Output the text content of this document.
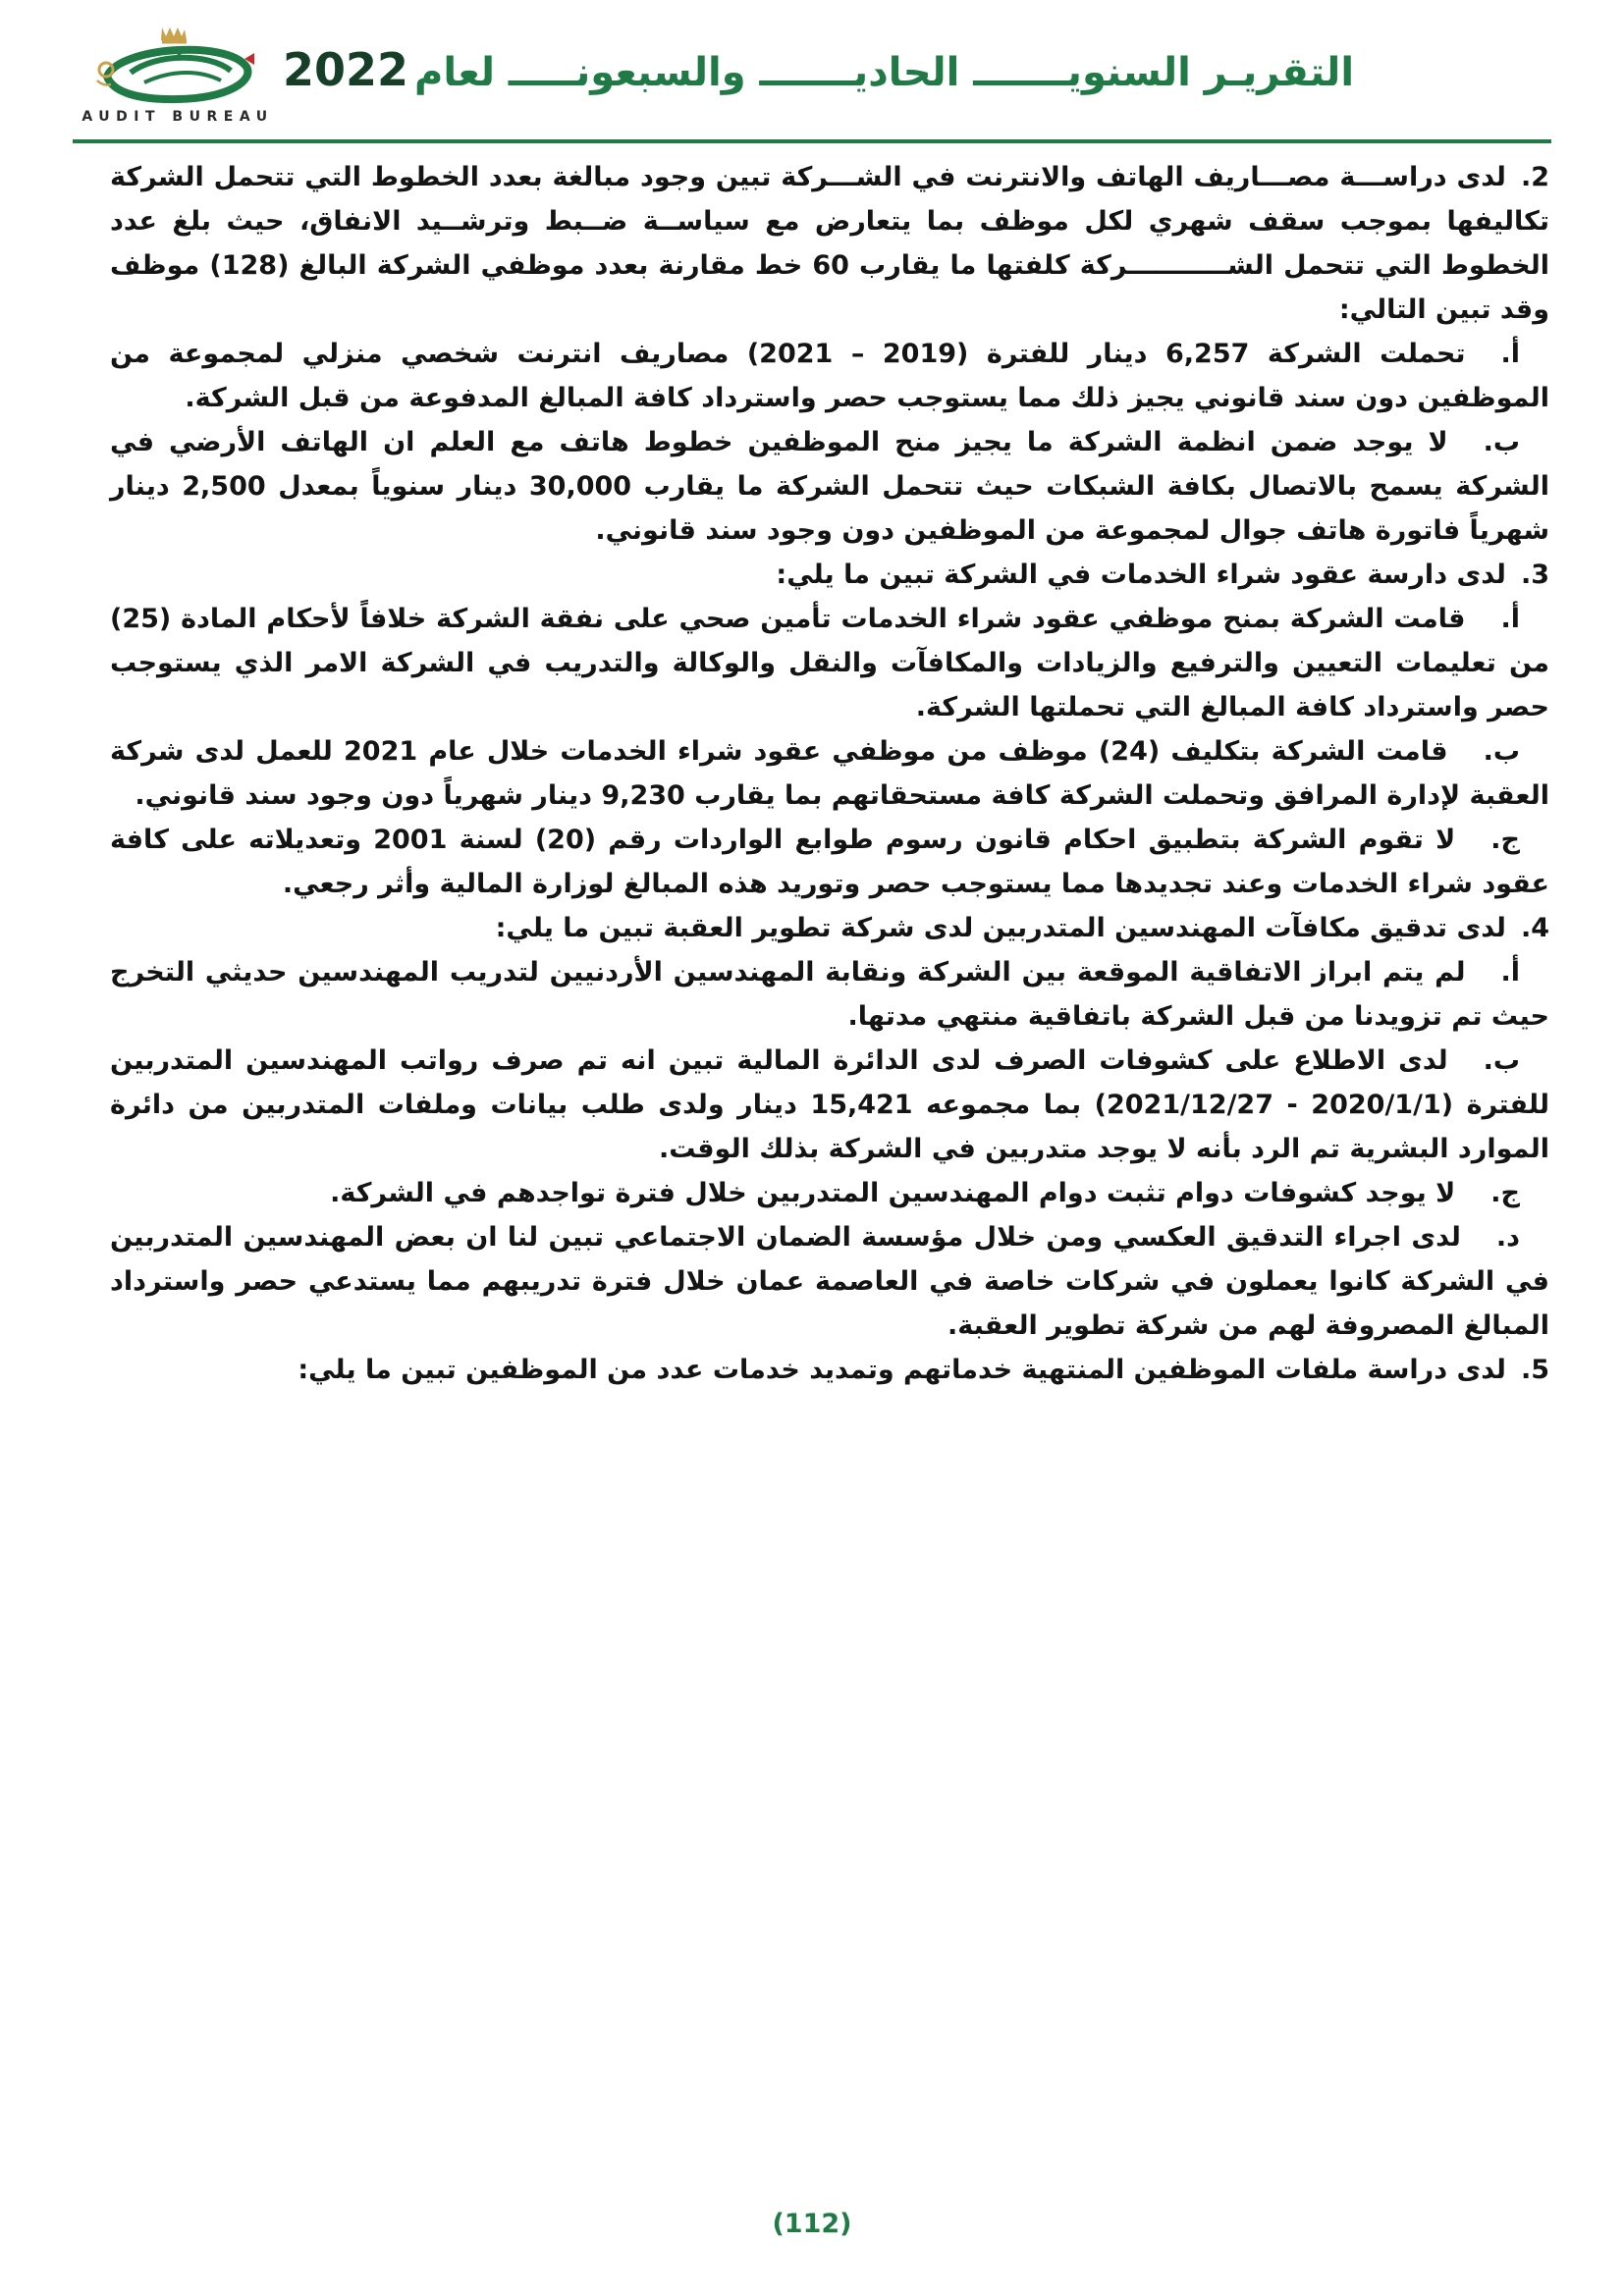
AUDIT BUREAU
التقريـر السنويـــــــ الحاديـــــــ والسبعونـــــ لعام2022
2.لدى دراســـة مصـــاريف الهاتف والانترنت في الشـــركة تبين وجود مبالغة بعدد الخطوط التي تتحمل الشركة تكاليفها بموجب سقف شهري لكل موظف بما يتعارض مع سياســة ضــبط وترشــيد الانفاق، حيث بلغ عدد الخطوط التي تتحمل الشـــــــــــركة كلفتها ما يقارب 60 خط مقارنة بعدد موظفي الشركة البالغ (128) موظف وقد تبين التالي:
أ.تحملت الشركة 6,257 دينار للفترة (2019 – 2021) مصاريف انترنت شخصي منزلي لمجموعة من الموظفين دون سند قانوني يجيز ذلك مما يستوجب حصر واسترداد كافة المبالغ المدفوعة من قبل الشركة.
ب.لا يوجد ضمن انظمة الشركة ما يجيز منح الموظفين خطوط هاتف مع العلم ان الهاتف الأرضي في الشركة يسمح بالاتصال بكافة الشبكات حيث تتحمل الشركة ما يقارب 30,000 دينار سنوياً بمعدل 2,500 دينار شهرياً فاتورة هاتف جوال لمجموعة من الموظفين دون وجود سند قانوني.
3.لدى دارسة عقود شراء الخدمات في الشركة تبين ما يلي:
أ.قامت الشركة بمنح موظفي عقود شراء الخدمات تأمين صحي على نفقة الشركة خلافاً لأحكام المادة (25) من تعليمات التعيين والترفيع والزيادات والمكافآت والنقل والوكالة والتدريب في الشركة الامر الذي يستوجب حصر واسترداد كافة المبالغ التي تحملتها الشركة.
ب.قامت الشركة بتكليف (24) موظف من موظفي عقود شراء الخدمات خلال عام 2021 للعمل لدى شركة العقبة لإدارة المرافق وتحملت الشركة كافة مستحقاتهم بما يقارب 9,230 دينار شهرياً دون وجود سند قانوني.
ج.لا تقوم الشركة بتطبيق احكام قانون رسوم طوابع الواردات رقم (20) لسنة 2001 وتعديلاته على كافة عقود شراء الخدمات وعند تجديدها مما يستوجب حصر وتوريد هذه المبالغ لوزارة المالية وأثر رجعي.
4.لدى تدقيق مكافآت المهندسين المتدربين لدى شركة تطوير العقبة تبين ما يلي:
أ.لم يتم ابراز الاتفاقية الموقعة بين الشركة ونقابة المهندسين الأردنيين لتدريب المهندسين حديثي التخرج حيث تم تزويدنا من قبل الشركة باتفاقية منتهي مدتها.
ب.لدى الاطلاع على كشوفات الصرف لدى الدائرة المالية تبين انه تم صرف رواتب المهندسين المتدربين للفترة (2020/1/1 - 2021/12/27) بما مجموعه 15,421 دينار ولدى طلب بيانات وملفات المتدربين من دائرة الموارد البشرية تم الرد بأنه لا يوجد متدربين في الشركة بذلك الوقت.
ج.لا يوجد كشوفات دوام تثبت دوام المهندسين المتدربين خلال فترة تواجدهم في الشركة.
د.لدى اجراء التدقيق العكسي ومن خلال مؤسسة الضمان الاجتماعي تبين لنا ان بعض المهندسين المتدربين في الشركة كانوا يعملون في شركات خاصة في العاصمة عمان خلال فترة تدريبهم مما يستدعي حصر واسترداد المبالغ المصروفة لهم من شركة تطوير العقبة.
5.لدى دراسة ملفات الموظفين المنتهية خدماتهم وتمديد خدمات عدد من الموظفين تبين ما يلي:
(112)
